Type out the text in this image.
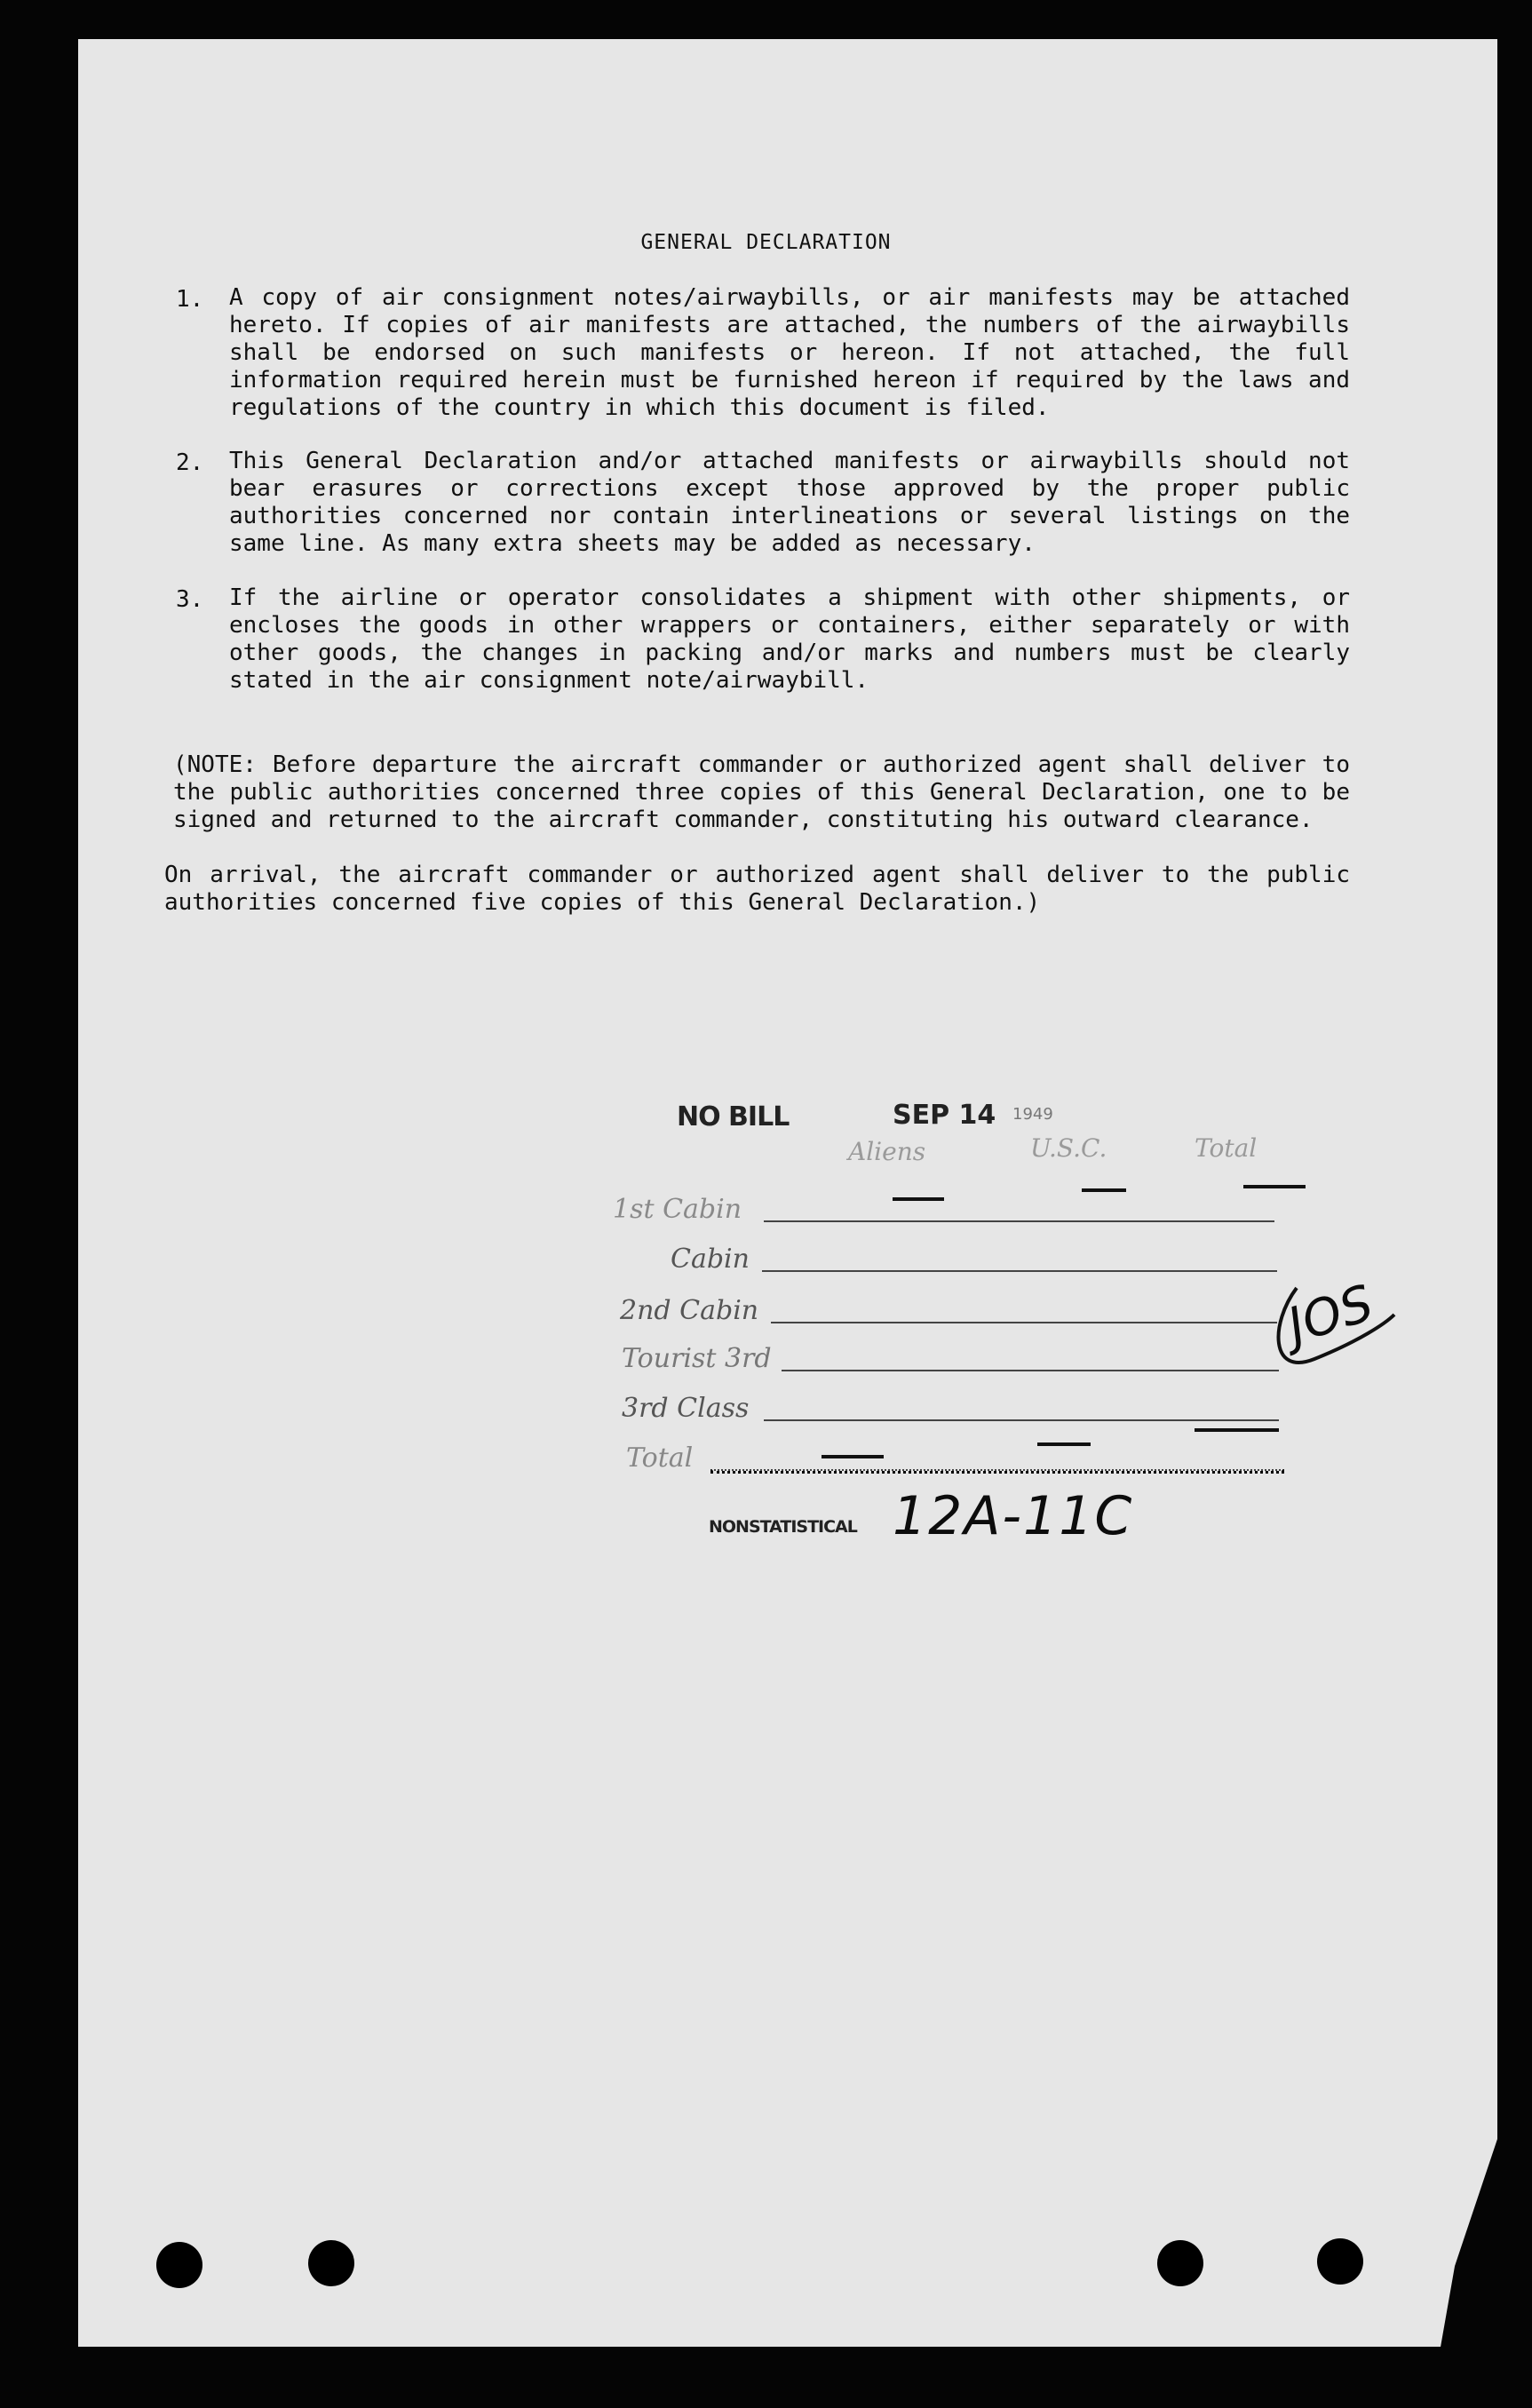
GENERAL DECLARATION
1. A copy of air consignment notes/airwaybills, or air manifests may be attached hereto. If copies of air manifests are attached, the numbers of the airwaybills shall be endorsed on such manifests or hereon. If not attached, the full information required herein must be furnished hereon if required by the laws and regulations of the country in which this document is filed.
2. This General Declaration and/or attached manifests or airwaybills should not bear erasures or corrections except those approved by the proper public authorities concerned nor contain interlineations or several listings on the same line. As many extra sheets may be added as necessary.
3. If the airline or operator consolidates a shipment with other shipments, or encloses the goods in other wrappers or containers, either separately or with other goods, the changes in packing and/or marks and numbers must be clearly stated in the air consignment note/airwaybill.
(NOTE: Before departure the aircraft commander or authorized agent shall deliver to the public authorities concerned three copies of this General Declaration, one to be signed and returned to the aircraft commander, constituting his outward clearance.
On arrival, the aircraft commander or authorized agent shall deliver to the public authorities concerned five copies of this General Declaration.)
NO BILL	SEP 14 1949
Aliens	U.S.C.	Total
1st Cabin
Cabin
2nd Cabin
Tourist 3rd
3rd Class
Total
NONSTATISTICAL 12A-11C
JOS
